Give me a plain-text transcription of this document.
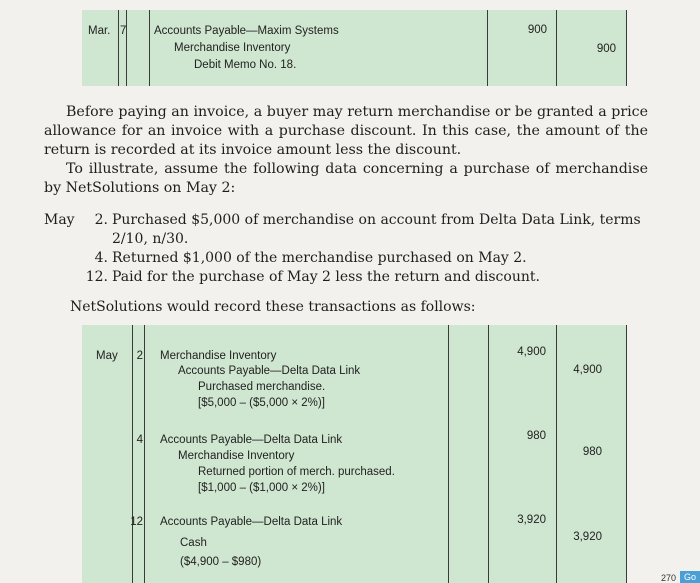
Mar. 7 Accounts Payable—Maxim Systems
Merchandise Inventory
Debit Memo No. 18.
900
900

Before paying an invoice, a buyer may return merchandise or be granted a price allowance for an invoice with a purchase discount. In this case, the amount of the return is recorded at its invoice amount less the discount.

To illustrate, assume the following data concerning a purchase of merchandise by NetSolutions on May 2:

May	2. Purchased $5,000 of merchandise on account from Delta Data Link, terms
2/10, n/30.
4. Returned $1,000 of the merchandise purchased on May 2.
12. Paid for the purchase of May 2 less the return and discount.
NetSolutions would record these transactions as follows:
May	2 Merchandise Inventory
Accounts Payable—Delta Data Link
Purchased merchandise.
[$5,000 – ($5,000 × 2%)]
4,900
4,900
4 Accounts Payable—Delta Data Link
Merchandise Inventory
Returned portion of merch. purchased.
[$1,000 – ($1,000 × 2%)]
980
980
12 Accounts Payable—Delta Data Link
Cash
($4,900 – $980)
3,920
3,920
270 Go
